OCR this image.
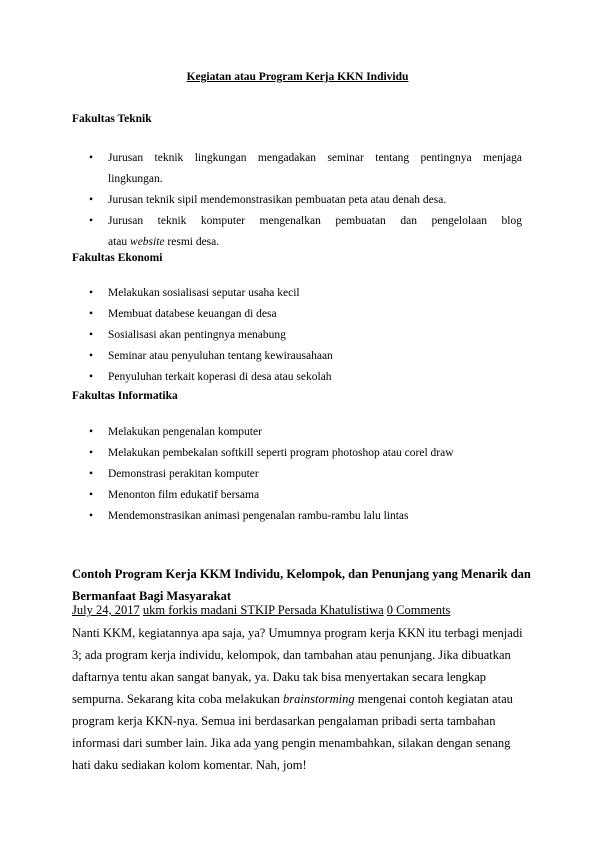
Kegiatan atau Program Kerja KKN Individu
Fakultas Teknik
• Jurusan teknik lingkungan mengadakan seminar tentang pentingnya menjaga
lingkungan.
• Jurusan teknik sipil mendemonstrasikan pembuatan peta atau denah desa.
• Jurusan teknik komputer mengenalkan pembuatan dan pengelolaan blog
atau website resmi desa.
Fakultas Ekonomi
• Melakukan sosialisasi seputar usaha kecil
• Membuat databese keuangan di desa
• Sosialisasi akan pentingnya menabung
• Seminar atau penyuluhan tentang kewirausahaan
• Penyuluhan terkait koperasi di desa atau sekolah
Fakultas Informatika
• Melakukan pengenalan komputer
• Melakukan pembekalan softkill seperti program photoshop atau corel draw
• Demonstrasi perakitan komputer
• Menonton film edukatif bersama
• Mendemonstrasikan animasi pengenalan rambu-rambu lalu lintas
Contoh Program Kerja KKM Individu, Kelompok, dan Penunjang yang Menarik dan Bermanfaat Bagi Masyarakat
July 24, 2017 ukm forkis madani STKIP Persada Khatulistiwa 0 Comments

Nanti KKM, kegiatannya apa saja, ya? Umumnya program kerja KKN itu terbagi menjadi 3; ada program kerja individu, kelompok, dan tambahan atau penunjang. Jika dibuatkan daftarnya tentu akan sangat banyak, ya. Daku tak bisa menyertakan secara lengkap sempurna. Sekarang kita coba melakukan brainstorming mengenai contoh kegiatan atau program kerja KKN-nya. Semua ini berdasarkan pengalaman pribadi serta tambahan informasi dari sumber lain. Jika ada yang pengin menambahkan, silakan dengan senang hati daku sediakan kolom komentar. Nah, jom!
